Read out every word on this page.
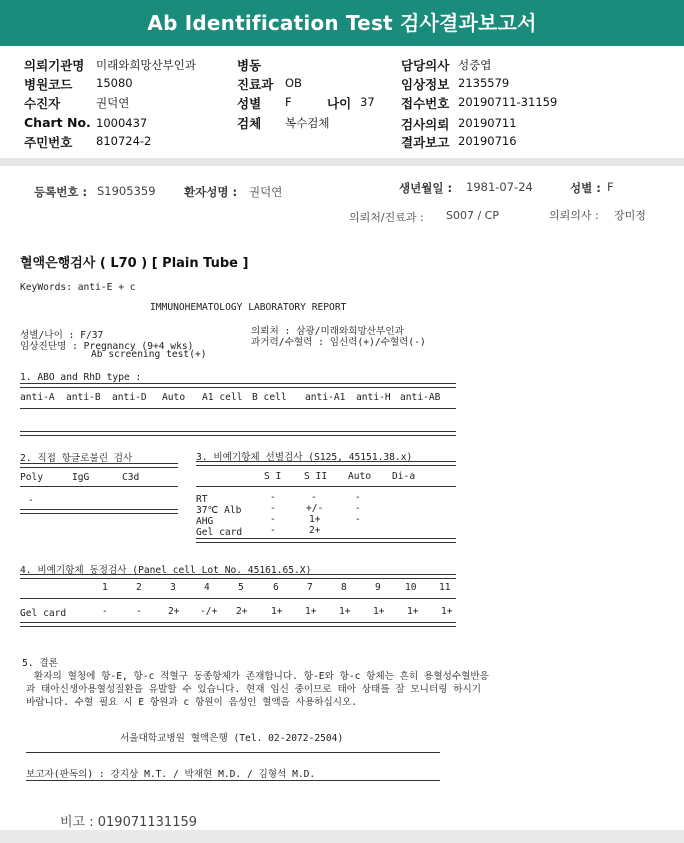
Ab Identification Test 검사결과보고서
의뢰기관명 미래와희망산부인과
병원코드 15080
수진자	권덕연
Chart No. 1000437
주민번호 810724-2
병동
진료과 OB
성별 F	나이 37
검체 복수검체
담당의사 성중엽
임상정보 2135579
접수번호 20190711-31159
검사의뢰 20190711
결과보고 20190716
등록번호 : S1905359 환자성명 : 권덕연	생년월일 : 1981-07-24	성별 : F
의뢰처/진료과 : S007 / CP	의뢰의사 : 장미정
혈액은행검사 ( L70 ) [ Plain Tube ]
KeyWords: anti-E + c
IMMUNOHEMATOLOGY LABORATORY REPORT
성별/나이 : F/37
임상진단명 : Pregnancy (9+4 wks)
Ab screening test(+)
의뢰처 : 삼광/미래와희망산부인과
과거력/수혈력 : 임신력(+)/수혈력(-)
1. ABO and RhD type :
anti-A anti-B anti-D Auto A1 cell B cell anti-A1 anti-H anti-AB
2. 직접 항글로불린 검사
Poly	IgG	C3d
-
3. 비예기항체 선별검사 (S125, 45151.38.x)
S I S II Auto Di-a
RT	-	-	-
37℃ Alb	-	+/-	-
AHG	-	1+	-
Gel card	-	2+
4. 비예기항체 동정검사 (Panel cell Lot No. 45161.65.X)
1	2	3	4	5	6	7	8	9	10 11
Gel card	-	-	2+ -/+ 2+ 1+ 1+ 1+ 1+ 1+ 1+
5. 결론
환자의 혈청에 항-E, 항-c 적혈구 동종항체가 존재합니다. 항-E와 항-c 항체는 흔히 용혈성수혈반응과 태아신생아용혈성질환을 유발할 수 있습니다. 현재 임신 중이므로 태아 상태를 잘 모니터링 하시기 바랍니다. 수혈 필요 시 E 항원과 c 항원이 음성인 혈액을 사용하십시오.
서울대학교병원 혈액은행 (Tel. 02-2072-2504)
보고자(판독의) : 강지상 M.T. / 박재현 M.D. / 김형석 M.D.
비고 : 019071131159
